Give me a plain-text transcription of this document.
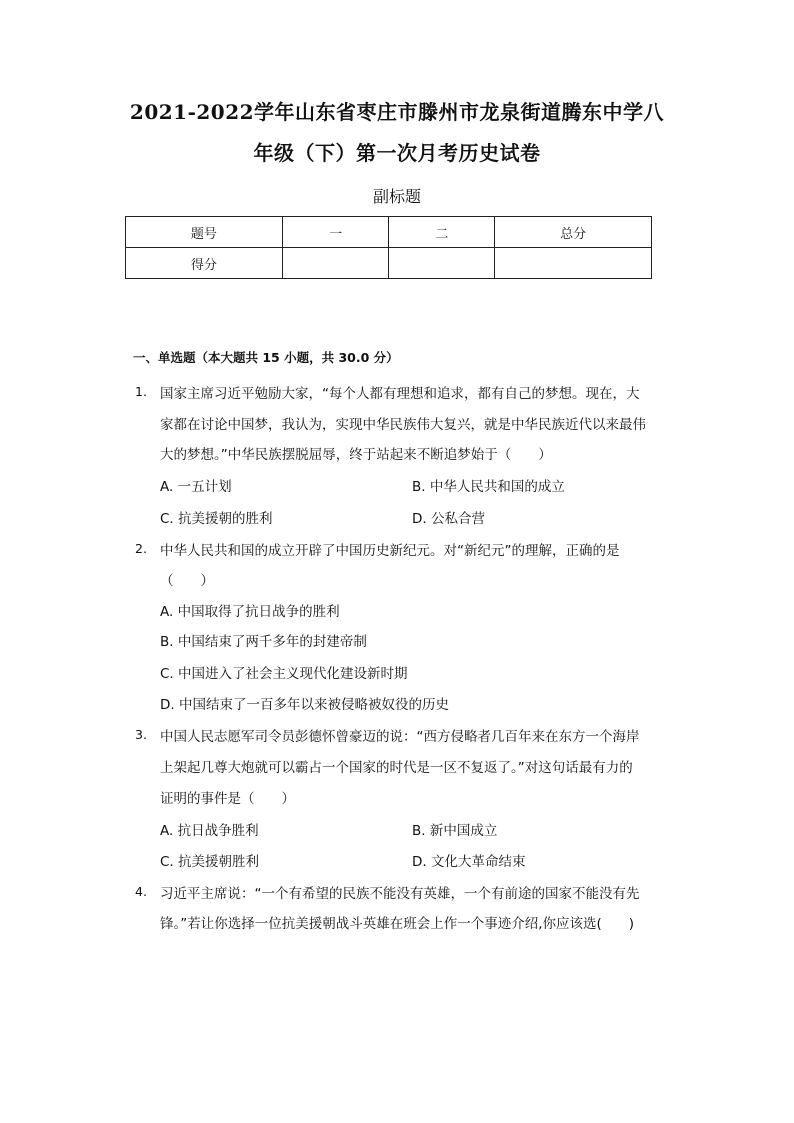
2021-2022学年山东省枣庄市滕州市龙泉街道腾东中学八
年级（下）第一次月考历史试卷
副标题
题号	一	二	总分
得分			
一、单选题（本大题共 15 小题，共 30.0 分）
1. 国家主席习近平勉励大家，“每个人都有理想和追求，都有自己的梦想。现在，大
家都在讨论中国梦，我认为，实现中华民族伟大复兴，就是中华民族近代以来最伟
大的梦想。”中华民族摆脱屈辱，终于站起来不断追梦始于（　　）
A. 一五计划	B. 中华人民共和国的成立
C. 抗美援朝的胜利	D. 公私合营
2. 中华人民共和国的成立开辟了中国历史新纪元。对“新纪元”的理解，正确的是
（　　）
A. 中国取得了抗日战争的胜利
B. 中国结束了两千多年的封建帝制
C. 中国进入了社会主义现代化建设新时期
D. 中国结束了一百多年以来被侵略被奴役的历史
3. 中国人民志愿军司令员彭德怀曾豪迈的说：“西方侵略者几百年来在东方一个海岸
上架起几尊大炮就可以霸占一个国家的时代是一区不复返了。”对这句话最有力的
证明的事件是（　　）
A. 抗日战争胜利	B. 新中国成立
C. 抗美援朝胜利	D. 文化大革命结束
4. 习近平主席说：“一个有希望的民族不能没有英雄，一个有前途的国家不能没有先
锋。”若让你选择一位抗美援朝战斗英雄在班会上作一个事迹介绍,你应该选(　　)
